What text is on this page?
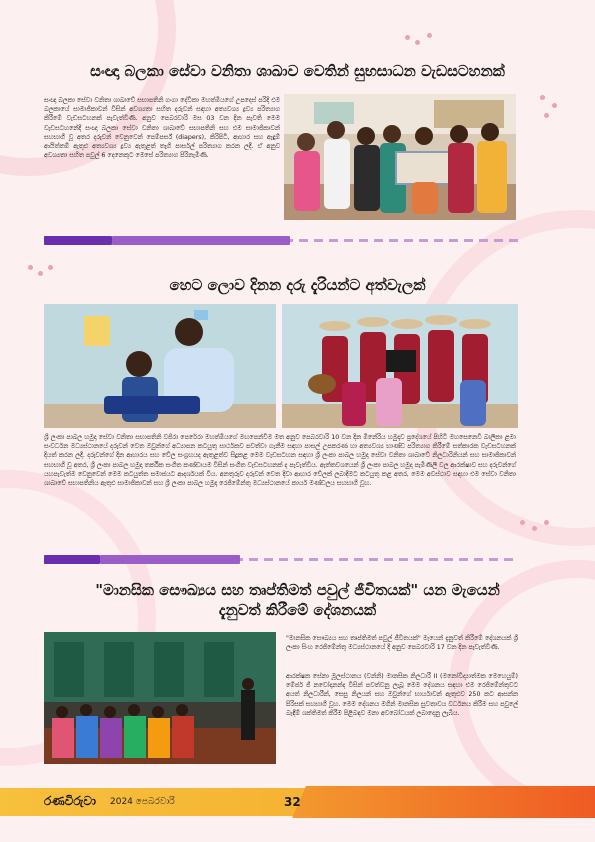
සංඥා බලකා සේවා වනිතා ශාඛාව වෙතින් සුභසාධන වැඩසටහනක්

සංඥා බලකා සේවා වනිතා ශාඛාවේ සභාපතිනි ගංගා දේවිකා මහත්මියගේ උපදෙස් පරිදි එම බලකායේ සාමාජිකාවන් විසින් අවශ්‍යතා සහිත දරුවන් සඳහා අත්‍යවශ්‍ය ද්‍රව්‍ය පරිත්‍යාග කිරීමේ වැඩසටහනක් පැවැත්විණි. අනුව පෙබරවාරි මස 03 වන දින පැවති මෙම වැඩසටහනේදී සංඥා බලකා සේවා වනිතා ශාඛාවේ සභාපතිනි සහ එම සාමාජිකාවන් සහභාගී වූ අතර දරුවන් වෙනුවෙන් පෙම්පර්ස් (diapers), කිරිපිටි, ආහාර සහ ඇඳුම් ආයිත්තම් ඇතුළු අත්‍යවශ්‍ය ද්‍රව්‍ය ඇතුළත් තෑගි පාර්සල් පරිත්‍යාග කරන ලදී. ඒ අනුව අවශ්‍යතා සහිත පවුල් 6 දෙනෙකුට මෙසේ පරිත්‍යාග පිරිනැමිණි.

හෙට ලොව දිනන දරු දැරියන්ට අත්වැලක්

ශ්‍රී ලංකා පාබල හමුදා සේවා වනිතා සභාපතිනි වජිරා පෙරේරා මහත්මියගේ මඟපෙන්වීම මත අනුව පෙබරවාරි 10 වන දින මිනේරිය හමුදාව ප්‍රදේශයේ පිහිටි මහසෙනෙවි බාලිකා ළමා සංවර්ධන මධ්‍යස්ථානයේ දරුවන් වෙත ඔවුන්ගේ අධ්‍යාපන කටයුතු සාර්ථකව පවත්වා ගැනීම සඳහා පාසල් උපකරණ හා අත්‍යවශ්‍ය භාණ්ඩ පරිත්‍යාග කිරීමේ සත්කාරක වැඩසටහනක් දියත් කරන ලදී. දරුවන්ගේ දින ආහාරය සහ වේල සංග්‍රහයද ඇතුළත්ව සිදුකළ මෙම වැඩසටහන සඳහා ශ්‍රී ලංකා පාබල හමුදා සේවා වනිතා ශාඛාවේ නිලධාරිනියන් සහ සාමාජිකාවන් සහභාගී වූ අතර, ශ්‍රී ලංකා පාබල හමුදා තර්කික සංගීත කණ්ඩායම විසින් සංගීත වැඩසටහනක් ද පැවැත්විය. ඇත්තවශයෙන් ශ්‍රී ලංකා පාබල හමුදා පැමිණිලි වල ආරක්ෂාව සහ දරුවන්ගේ යහපැවැත්ම වෙනුවෙන් මෙම කටයුත්ත සමාජයට ආදර්ශයක් විය. අනතුරුව දරුවන් වෙත දිවා ආහාර වේලක් ලබාදීමට කටයුතු කළ අතර, මෙම අවස්ථාව සඳහා එම සේවා වනිතා ශාඛාවේ සභාපතිනිය ඇතුළු සාමාජිකාවන් සහ ශ්‍රී ලංකා පාබල හමුදා රෙජිමේන්තු මධ්‍යස්ථානයේ කාර්ය මණ්ඩලය සහභාගී වූහ.

"මානසික සෞඛ්‍යය සහ තෘප්තිමත් පවුල් ජීවිතයක්" යන මැයෙන්
දැනුවත් කිරීමේ දේශනයක්

"මානසික සෞඛ්‍යය සහ තෘප්තිමත් පවුල් ජීවිතයක්" මැයෙන් දැනුවත් කිරීමේ දේශනයක් ශ්‍රී ලංකා සිංහ රෙජිමේන්තු මධ්‍යස්ථානයේ දී අනුව පෙබරවාරි 17 වන දින පැවැත්විණි.

ආරක්ෂක සේනා මූලස්ථානය (වන්නි) මානසික නිලධාරී II (මනෝවිද්‍යාත්මක මෙහෙයුම්) මේජර් ජී නවෝදානන්ද විසින් පවත්වනු ලැබූ මෙම දේශනය සඳහා එම රෙජිමේන්තුවට අයත් නිලධාරීන්, සෙසු නිලයන් සහ ඔවුන්ගේ භාර්යාවන් ඇතුළුව 250 කට ආසන්න පිරිසක් සහභාගී වූහ. මෙම දේශනය මගින් මානසික සුවතාවය වර්ධනය කිරීම සහ පවුලේ බැඳීම් ශක්තිමත් කිරීම පිළිබඳව මනා අවබෝධයක් ලබාදෙනු ලැබිය.

රණවිරුවා 2024 පෙබරවාරි	32
